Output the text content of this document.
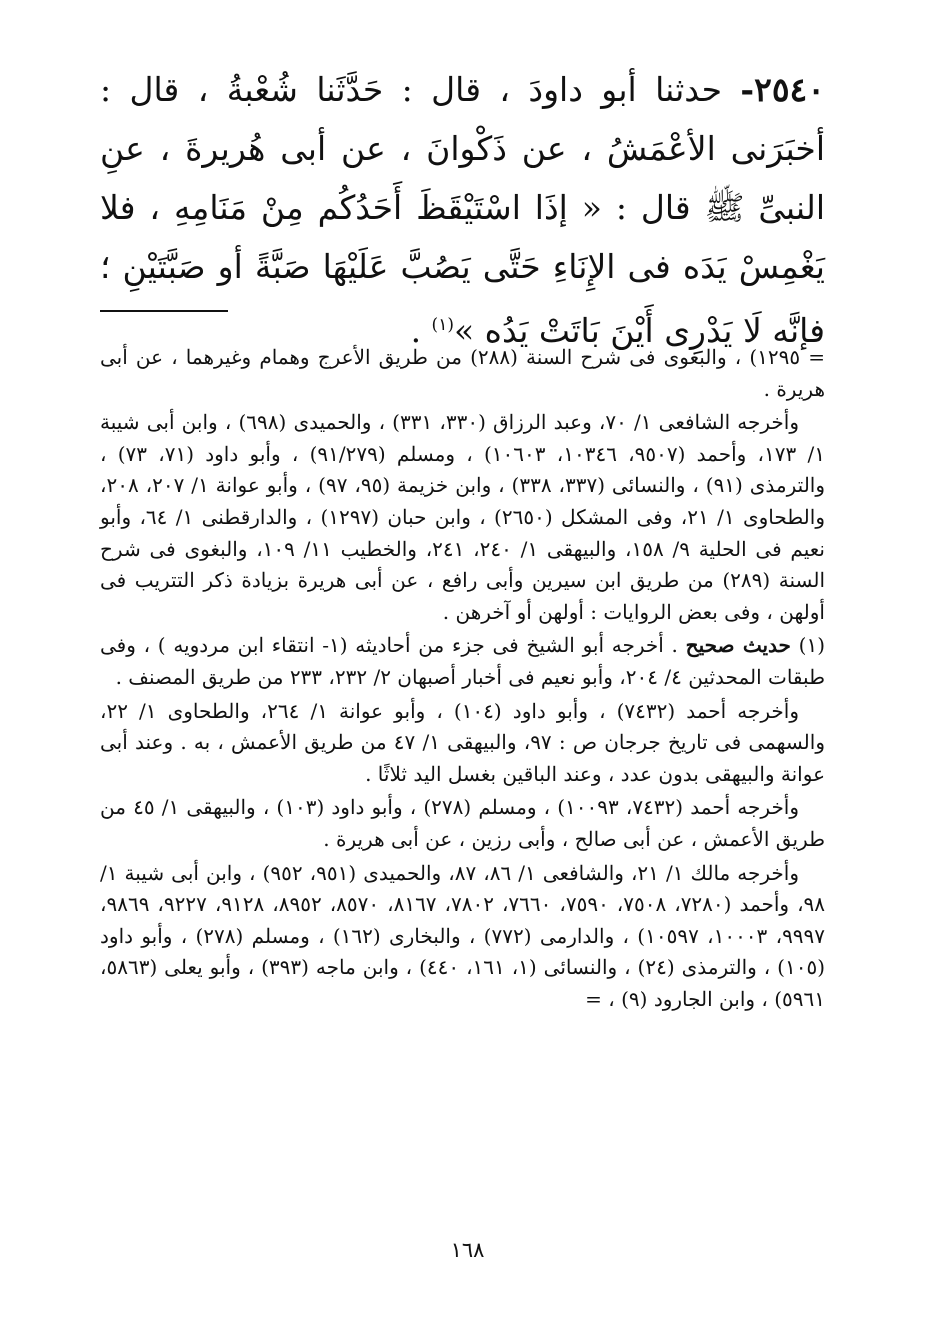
٢٥٤٠- حدثنا أبو داودَ ، قال : حَدَّثَنا شُعْبةُ ، قال : أخبَرَنى الأعْمَشُ ، عن ذَكْوانَ ، عن أبى هُريرةَ ، عنِ النبىِّ ﷺ قال : « إذَا اسْتَيْقَظَ أَحَدُكُم مِنْ مَنَامِهِ ، فلا يَغْمِسْ يَدَه فى الإِنَاءِ حَتَّى يَصُبَّ عَلَيْهَا صَبَّةً أو صَبَّتَيْنِ ؛ فإنَّه لَا يَدْرِى أَيْنَ بَاتَتْ يَدُه »$^{(١)}$ .

= ١٢٩٥) ، والبغوى فى شرح السنة (٢٨٨) من طريق الأعرج وهمام وغيرهما ، عن أبى هريرة .

وأخرجه الشافعى ١/ ٧٠، وعبد الرزاق (٣٣٠، ٣٣١) ، والحميدى (٦٩٨) ، وابن أبى شيبة ١/ ١٧٣، وأحمد (٩٥٠٧، ١٠٣٤٦، ١٠٦٠٣) ، ومسلم (٩١/٢٧٩) ، وأبو داود (٧١، ٧٣) ، والترمذى (٩١) ، والنسائى (٣٣٧، ٣٣٨) ، وابن خزيمة (٩٥، ٩٧) ، وأبو عوانة ١/ ٢٠٧، ٢٠٨، والطحاوى ١/ ٢١، وفى المشكل (٢٦٥٠) ، وابن حبان (١٢٩٧) ، والدارقطنى ١/ ٦٤، وأبو نعيم فى الحلية ٩/ ١٥٨، والبيهقى ١/ ٢٤٠، ٢٤١، والخطيب ١١/ ١٠٩، والبغوى فى شرح السنة (٢٨٩) من طريق ابن سيرين وأبى رافع ، عن أبى هريرة بزيادة ذكر التتريب فى أولهن ، وفى بعض الروايات : أولهن أو آخرهن .

(١) حديث صحيح . أخرجه أبو الشيخ فى جزء من أحاديثه (١- انتقاء ابن مردويه ) ، وفى طبقات المحدثين ٤/ ٢٠٤، وأبو نعيم فى أخبار أصبهان ٢/ ٢٣٢، ٢٣٣ من طريق المصنف .

وأخرجه أحمد (٧٤٣٢) ، وأبو داود (١٠٤) ، وأبو عوانة ١/ ٢٦٤، والطحاوى ١/ ٢٢، والسهمى فى تاريخ جرجان ص : ٩٧، والبيهقى ١/ ٤٧ من طريق الأعمش ، به . وعند أبى عوانة والبيهقى بدون عدد ، وعند الباقين بغسل اليد ثلاثًا .

وأخرجه أحمد (٧٤٣٢، ١٠٠٩٣) ، ومسلم (٢٧٨) ، وأبو داود (١٠٣) ، والبيهقى ١/ ٤٥ من طريق الأعمش ، عن أبى صالح ، وأبى رزين ، عن أبى هريرة .

وأخرجه مالك ١/ ٢١، والشافعى ١/ ٨٦، ٨٧، والحميدى (٩٥١، ٩٥٢) ، وابن أبى شيبة ١/ ٩٨، وأحمد (٧٢٨٠، ٧٥٠٨، ٧٥٩٠، ٧٦٦٠، ٧٨٠٢، ٨١٦٧، ٨٥٧٠، ٨٩٥٢، ٩١٢٨، ٩٢٢٧، ٩٨٦٩، ٩٩٩٧، ١٠٠٠٣، ١٠٥٩٧) ، والدارمى (٧٧٢) ، والبخارى (١٦٢) ، ومسلم (٢٧٨) ، وأبو داود (١٠٥) ، والترمذى (٢٤) ، والنسائى (١، ١٦١، ٤٤٠) ، وابن ماجه (٣٩٣) ، وأبو يعلى (٥٨٦٣، ٥٩٦١) ، وابن الجارود (٩) ، =

١٦٨
